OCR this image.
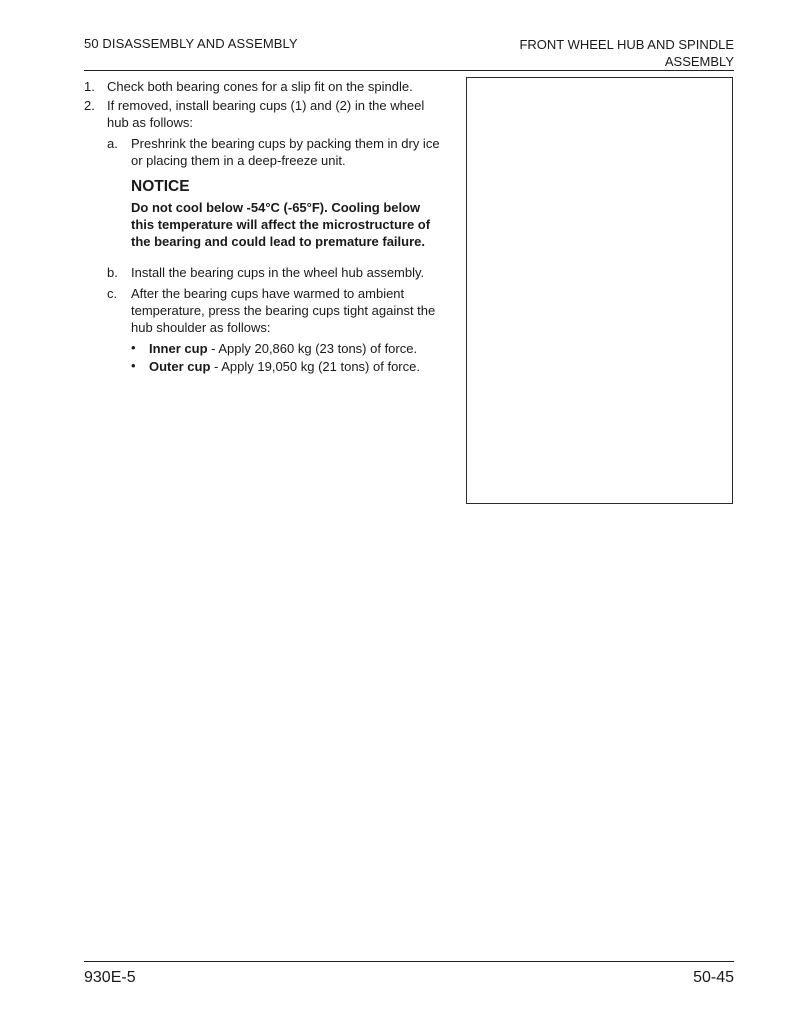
50 DISASSEMBLY AND ASSEMBLY	FRONT WHEEL HUB AND SPINDLE
ASSEMBLY
1. Check both bearing cones for a slip fit on the spindle.
2. If removed, install bearing cups (1) and (2) in the wheel hub as follows:
a. Preshrink the bearing cups by packing them in dry ice or placing them in a deep-freeze unit.
NOTICE
Do not cool below -54°C (-65°F). Cooling below this temperature will affect the microstructure of the bearing and could lead to premature failure.
b. Install the bearing cups in the wheel hub assembly.
c. After the bearing cups have warmed to ambient temperature, press the bearing cups tight against the hub shoulder as follows:
• Inner cup - Apply 20,860 kg (23 tons) of force.
• Outer cup - Apply 19,050 kg (21 tons) of force.
930E-5	50-45
